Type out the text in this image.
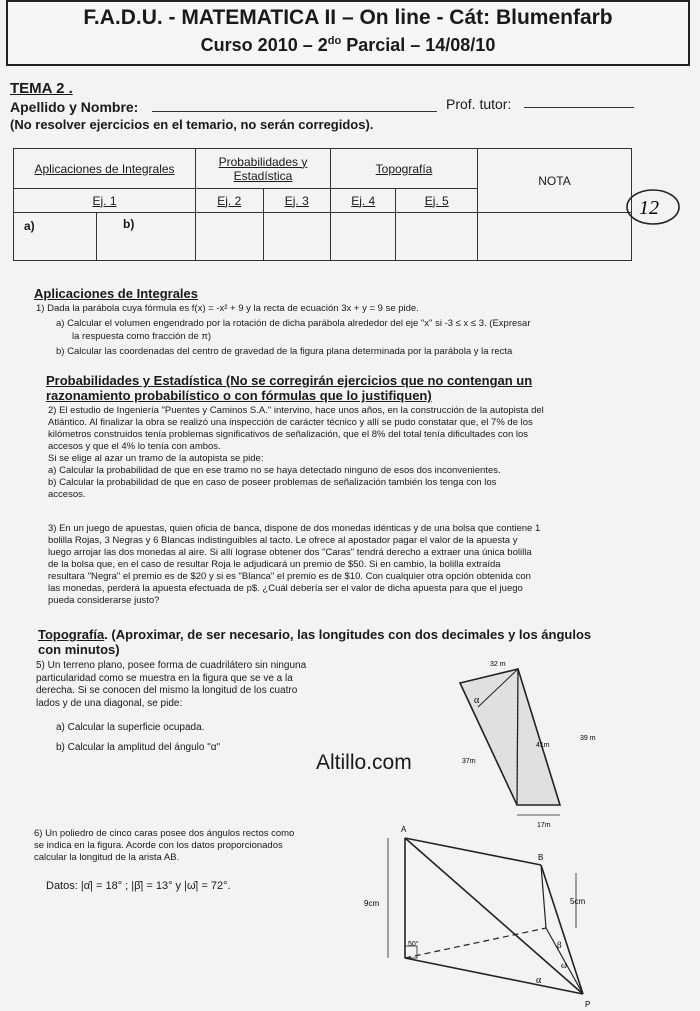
F.A.D.U. - MATEMATICA II – On line - Cát: Blumenfarb
Curso $2010 - 2^{do}$ Parcial – 14/08/10
TEMA 2 .
Apellido y Nombre:	Prof. tutor:
(No resolver ejercicios en el temario, no serán corregidos).
Aplicaciones de Integrales		Probabilidades y Estadística		Topografía		NOTA
Ej. 1		Ej. 2	Ej. 3	Ej. 4	Ej. 5	
a)	b)					
12
Aplicaciones de Integrales
1) Dada la parábola cuya fórmula es f(x) = -x² + 9 y la recta de ecuación 3x + y = 9 se pide.
a) Calcular el volumen engendrado por la rotación de dicha parábola alrededor del eje "x" si -3 ≤ x ≤ 3. (Expresar
la respuesta como fracción de π)
b) Calcular las coordenadas del centro de gravedad de la figura plana determinada por la parábola y la recta
Probabilidades y Estadística (No se corregirán ejercicios que no contengan un
razonamiento probabilístico o con fórmulas que lo justifiquen)
2) El estudio de Ingeniería "Puentes y Caminos S.A." intervino, hace unos años, en la construcción de la autopista del
Atlántico. Al finalizar la obra se realizó una inspección de carácter técnico y allí se pudo constatar que, el 7% de los
kilómetros construidos tenía problemas significativos de señalización, que el 8% del total tenía dificultades con los
accesos y que el 4% lo tenía con ambos.
Si se elige al azar un tramo de la autopista se pide:
a) Calcular la probabilidad de que en ese tramo no se haya detectado ninguno de esos dos inconvenientes.
b) Calcular la probabilidad de que en caso de poseer problemas de señalización también los tenga con los
accesos.
3) En un juego de apuestas, quien oficia de banca, dispone de dos monedas idénticas y de una bolsa que contiene 1
bolilla Rojas, 3 Negras y 6 Blancas indistinguibles al tacto. Le ofrece al apostador pagar el valor de la apuesta y
luego arrojar las dos monedas al aire. Si allí lograse obtener dos "Caras" tendrá derecho a extraer una única bolilla
de la bolsa que, en el caso de resultar Roja le adjudicará un premio de $50. Si en cambio, la bolilla extraída
resultara "Negra" el premio es de $20 y si es "Blanca" el premio es de $10. Con cualquier otra opción obtenida con
las monedas, perderá la apuesta efectuada de p$. ¿Cuál debería ser el valor de dicha apuesta para que el juego
pueda considerarse justo?
Topografía. (Aproximar, de ser necesario, las longitudes con dos decimales y los ángulos
con minutos)
5) Un terreno plano, posee forma de cuadrilátero sin ninguna
particularidad como se muestra en la figura que se ve a la
derecha. Si se conocen del mismo la longitud de los cuatro
lados y de una diagonal, se pide:
a) Calcular la superficie ocupada.
b) Calcular la amplitud del ángulo "α"
Altillo.com
32 m
39 m
41m
37m
17m
α
6) Un poliedro de cinco caras posee dos ángulos rectos como
se indica en la figura. Acorde con los datos proporcionados
calcular la longitud de la arista AB.
Datos: |α̂| = 18° ; |β̂| = 13° y |ω̂| = 72°.
A
B
P
9cm	5cm
50°
α
β
ω
